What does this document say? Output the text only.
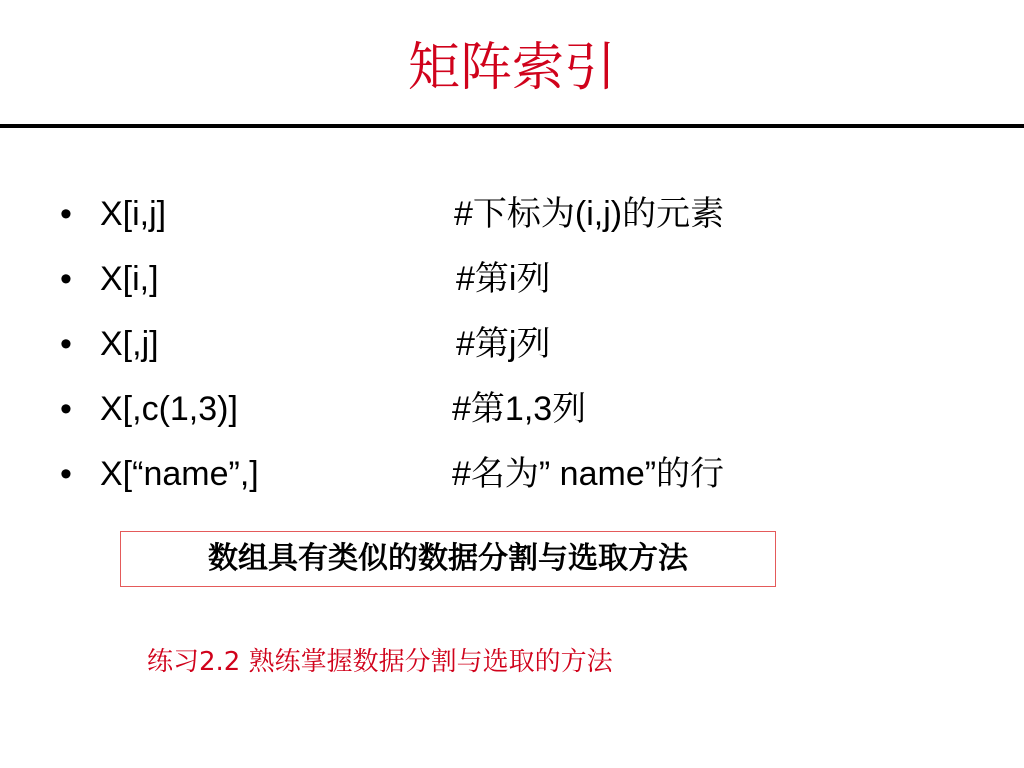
矩阵索引
• X[i,j]	#下标为(i,j)的元素
• X[i,]	#第i列
• X[,j]	#第j列
• X[,c(1,3)]	#第1,3列
• X[“name”,]	#名为” name”的行
数组具有类似的数据分割与选取方法
练习2.2 熟练掌握数据分割与选取的方法
